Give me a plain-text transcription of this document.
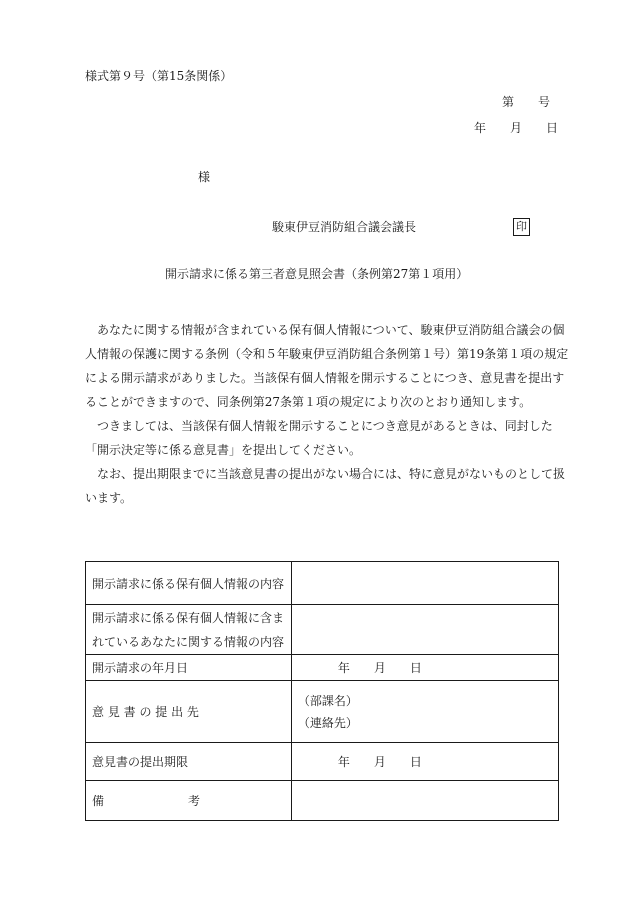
様式第９号（第15条関係）
第　　号
年　　月　　日
様
駿東伊豆消防組合議会議長	印
開示請求に係る第三者意見照会書（条例第27第１項用）

あなたに関する情報が含まれている保有個人情報について、駿東伊豆消防組合議会の個人情報の保護に関する条例（令和５年駿東伊豆消防組合条例第１号）第19条第１項の規定による開示請求がありました。当該保有個人情報を開示することにつき、意見書を提出することができますので、同条例第27条第１項の規定により次のとおり通知します。

つきましては、当該保有個人情報を開示することにつき意見があるときは、同封した「開示決定等に係る意見書」を提出してください。

なお、提出期限までに当該意見書の提出がない場合には、特に意見がないものとして扱います。

開示請求に係る保有個人情報の内容	
開示請求に係る保有個人情報に含まれているあなたに関する情報の内容	
開示請求の年月日	年　　月　　日
意 見 書 の 提 出 先	（部課名）
（連絡先）

意見書の提出期限	年　　月　　日
備　　　　　　　考	
